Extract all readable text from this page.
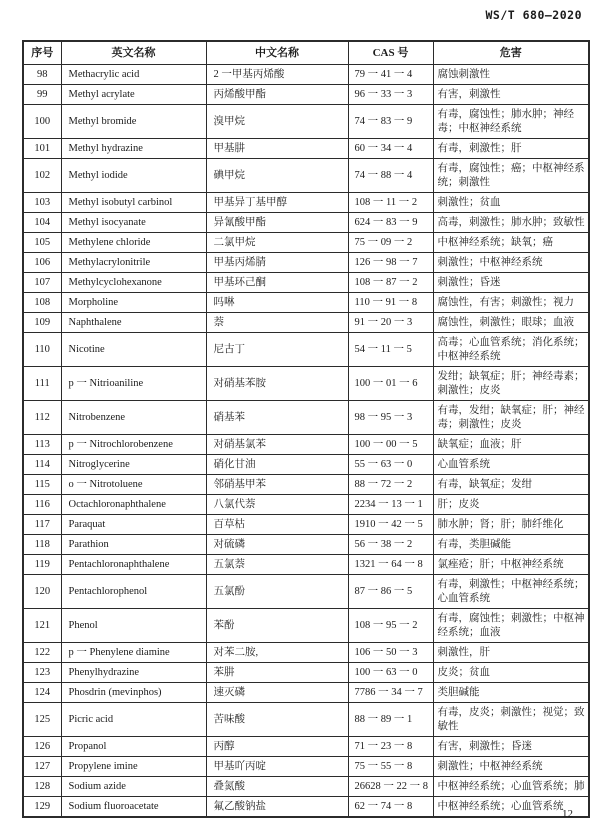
WS/T 680—2020
序号	英文名称	中文名称	CAS 号	危害
98	Methacrylic acid	2 一甲基丙烯酸	79 一 41 一 4	腐蚀刺激性
99	Methyl acrylate	丙烯酸甲酯	96 一 33 一 3	有害，刺激性
100	Methyl bromide	溴甲烷	74 一 83 一 9	有毒，腐蚀性；肺水肿；神经毒；中枢神经系统
101	Methyl hydrazine	甲基肼	60 一 34 一 4	有毒，刺激性；肝
102	Methyl iodide	碘甲烷	74 一 88 一 4	有毒，腐蚀性；癌；中枢神经系统；刺激性
103	Methyl isobutyl carbinol	甲基异丁基甲醇	108 一 11 一 2	刺激性；贫血
104	Methyl isocyanate	异氰酸甲酯	624 一 83 一 9	高毒，刺激性；肺水肿；致敏性
105	Methylene chloride	二氯甲烷	75 一 09 一 2	中枢神经系统；缺氧；癌
106	Methylacrylonitrile	甲基丙烯腈	126 一 98 一 7	刺激性；中枢神经系统
107	Methylcyclohexanone	甲基环己酮	108 一 87 一 2	刺激性；昏迷
108	Morpholine	吗啉	110 一 91 一 8	腐蚀性，有害；刺激性；视力
109	Naphthalene	萘	91 一 20 一 3	腐蚀性，刺激性；眼球；血液
110	Nicotine	尼古丁	54 一 11 一 5	高毒；心血管系统；消化系统；中枢神经系统
111	p 一 Nitrioaniline	对硝基苯胺	100 一 01 一 6	发绀；缺氧症；肝；神经毒素；刺激性；皮炎
112	Nitrobenzene	硝基苯	98 一 95 一 3	有毒，发绀；缺氧症；肝；神经毒；刺激性；皮炎
113	p 一 Nitrochlorobenzene	对硝基氯苯	100 一 00 一 5	缺氧症；血液；肝
114	Nitroglycerine	硝化甘油	55 一 63 一 0	心血管系统
115	o 一 Nitrotoluene	邻硝基甲苯	88 一 72 一 2	有毒，缺氧症；发绀
116	Octachloronaphthalene	八氯代萘	2234 一 13 一 1	肝；皮炎
117	Paraquat	百草枯	1910 一 42 一 5	肺水肿；肾；肝；肺纤维化
118	Parathion	对硫磷	56 一 38 一 2	有毒，类胆碱能
119	Pentachloronaphthalene	五氯萘	1321 一 64 一 8	氯痤疮；肝；中枢神经系统
120	Pentachlorophenol	五氯酚	87 一 86 一 5	有毒，刺激性；中枢神经系统；心血管系统
121	Phenol	苯酚	108 一 95 一 2	有毒，腐蚀性；刺激性；中枢神经系统；血液
122	p 一 Phenylene diamine	对苯二胺,	106 一 50 一 3	刺激性，肝
123	Phenylhydrazine	苯肼	100 一 63 一 0	皮炎；贫血
124	Phosdrin (mevinphos)	速灭磷	7786 一 34 一 7	类胆碱能
125	Picric acid	苦味酸	88 一 89 一 1	有毒，皮炎；刺激性；视觉；致敏性
126	Propanol	丙醇	71 一 23 一 8	有害，刺激性；昏迷
127	Propylene imine	甲基吖丙啶	75 一 55 一 8	刺激性；中枢神经系统
128	Sodium azide	叠氮酸	26628 一 22 一 8	中枢神经系统；心血管系统；肺
129	Sodium fluoroacetate	氟乙酸钠盐	62 一 74 一 8	中枢神经系统；心血管系统
12
